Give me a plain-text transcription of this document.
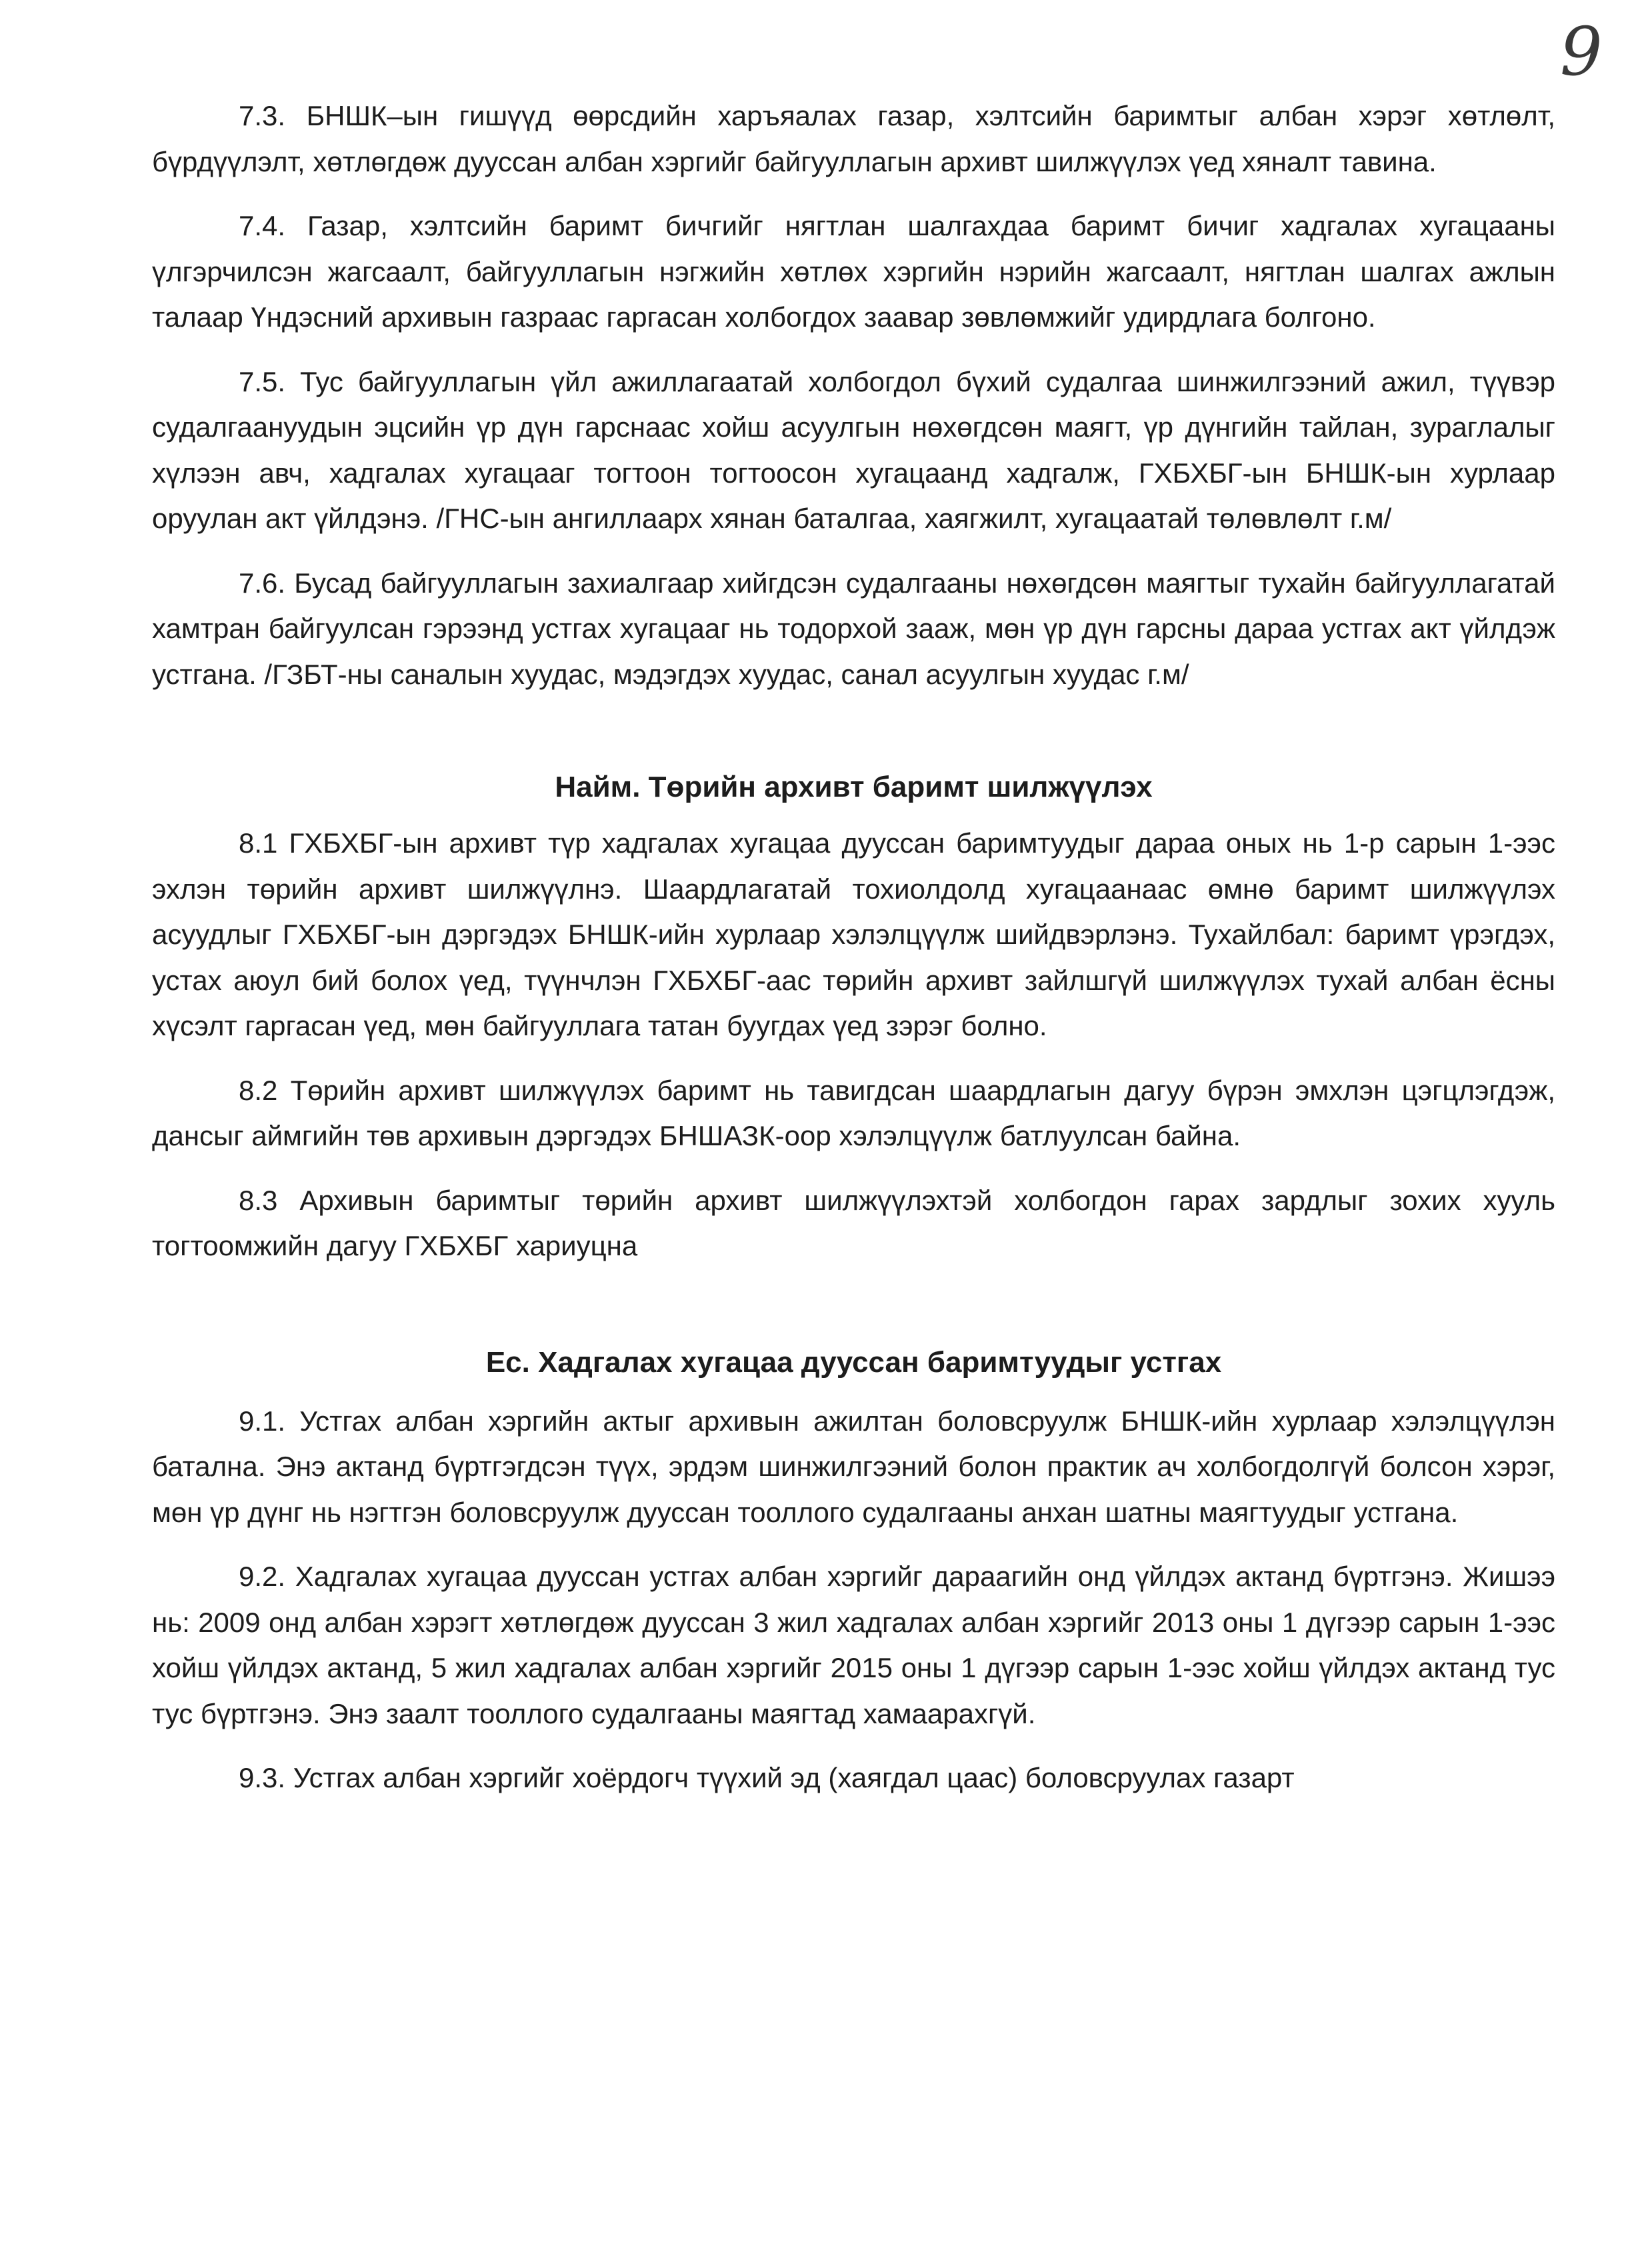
9

7.3. БНШК–ын гишүүд өөрсдийн харъяалах газар, хэлтсийн баримтыг албан хэрэг хөтлөлт, бүрдүүлэлт, хөтлөгдөж дууссан албан хэргийг байгууллагын архивт шилжүүлэх үед хяналт тавина.

7.4. Газар, хэлтсийн баримт бичгийг нягтлан шалгахдаа баримт бичиг хадгалах хугацааны үлгэрчилсэн жагсаалт, байгууллагын нэгжийн хөтлөх хэргийн нэрийн жагсаалт, нягтлан шалгах ажлын талаар Үндэсний архивын газраас гаргасан холбогдох заавар зөвлөмжийг удирдлага болгоно.

7.5. Тус байгууллагын үйл ажиллагаатай холбогдол бүхий судалгаа шинжилгээний ажил, түүвэр судалгаануудын эцсийн үр дүн гарснаас хойш асуулгын нөхөгдсөн маягт, үр дүнгийн тайлан, зураглалыг хүлээн авч, хадгалах хугацааг тогтоон тогтоосон хугацаанд хадгалж, ГХБХБГ-ын БНШК-ын хурлаар оруулан акт үйлдэнэ. /ГНС-ын ангиллаарх хянан баталгаа, хаягжилт, хугацаатай төлөвлөлт г.м/

7.6. Бусад байгууллагын захиалгаар хийгдсэн судалгааны нөхөгдсөн маягтыг тухайн байгууллагатай хамтран байгуулсан гэрээнд устгах хугацааг нь тодорхой зааж, мөн үр дүн гарсны дараа устгах акт үйлдэж устгана. /ГЗБТ-ны саналын хуудас, мэдэгдэх хуудас, санал асуулгын хуудас г.м/

Найм. Төрийн архивт баримт шилжүүлэх

8.1 ГХБХБГ-ын архивт түр хадгалах хугацаа дууссан баримтуудыг дараа оных нь 1-р сарын 1-ээс эхлэн төрийн архивт шилжүүлнэ. Шаардлагатай тохиолдолд хугацаанаас өмнө баримт шилжүүлэх асуудлыг ГХБХБГ-ын дэргэдэх БНШК-ийн хурлаар хэлэлцүүлж шийдвэрлэнэ. Тухайлбал: баримт үрэгдэх, устах аюул бий болох үед, түүнчлэн ГХБХБГ-аас төрийн архивт зайлшгүй шилжүүлэх тухай албан ёсны хүсэлт гаргасан үед, мөн байгууллага татан буугдах үед зэрэг болно.

8.2 Төрийн архивт шилжүүлэх баримт нь тавигдсан шаардлагын дагуу бүрэн эмхлэн цэгцлэгдэж, дансыг аймгийн төв архивын дэргэдэх БНШАЗК-оор хэлэлцүүлж батлуулсан байна.

8.3 Архивын баримтыг төрийн архивт шилжүүлэхтэй холбогдон гарах зардлыг зохих хууль тогтоомжийн дагуу ГХБХБГ хариуцна

Ес. Хадгалах хугацаа дууссан баримтуудыг устгах

9.1. Устгах албан хэргийн актыг архивын ажилтан боловсруулж БНШК-ийн хурлаар хэлэлцүүлэн батална. Энэ актанд бүртгэгдсэн түүх, эрдэм шинжилгээний болон практик ач холбогдолгүй болсон хэрэг, мөн үр дүнг нь нэгтгэн боловсруулж дууссан тооллого судалгааны анхан шатны маягтуудыг устгана.

9.2. Хадгалах хугацаа дууссан устгах албан хэргийг дараагийн онд үйлдэх актанд бүртгэнэ. Жишээ нь: 2009 онд албан хэрэгт хөтлөгдөж дууссан 3 жил хадгалах албан хэргийг 2013 оны 1 дүгээр сарын 1-ээс хойш үйлдэх актанд, 5 жил хадгалах албан хэргийг 2015 оны 1 дүгээр сарын 1-ээс хойш үйлдэх актанд тус тус бүртгэнэ. Энэ заалт тооллого судалгааны маягтад хамаарахгүй.

9.3. Устгах албан хэргийг хоёрдогч түүхий эд (хаягдал цаас) боловсруулах газарт
